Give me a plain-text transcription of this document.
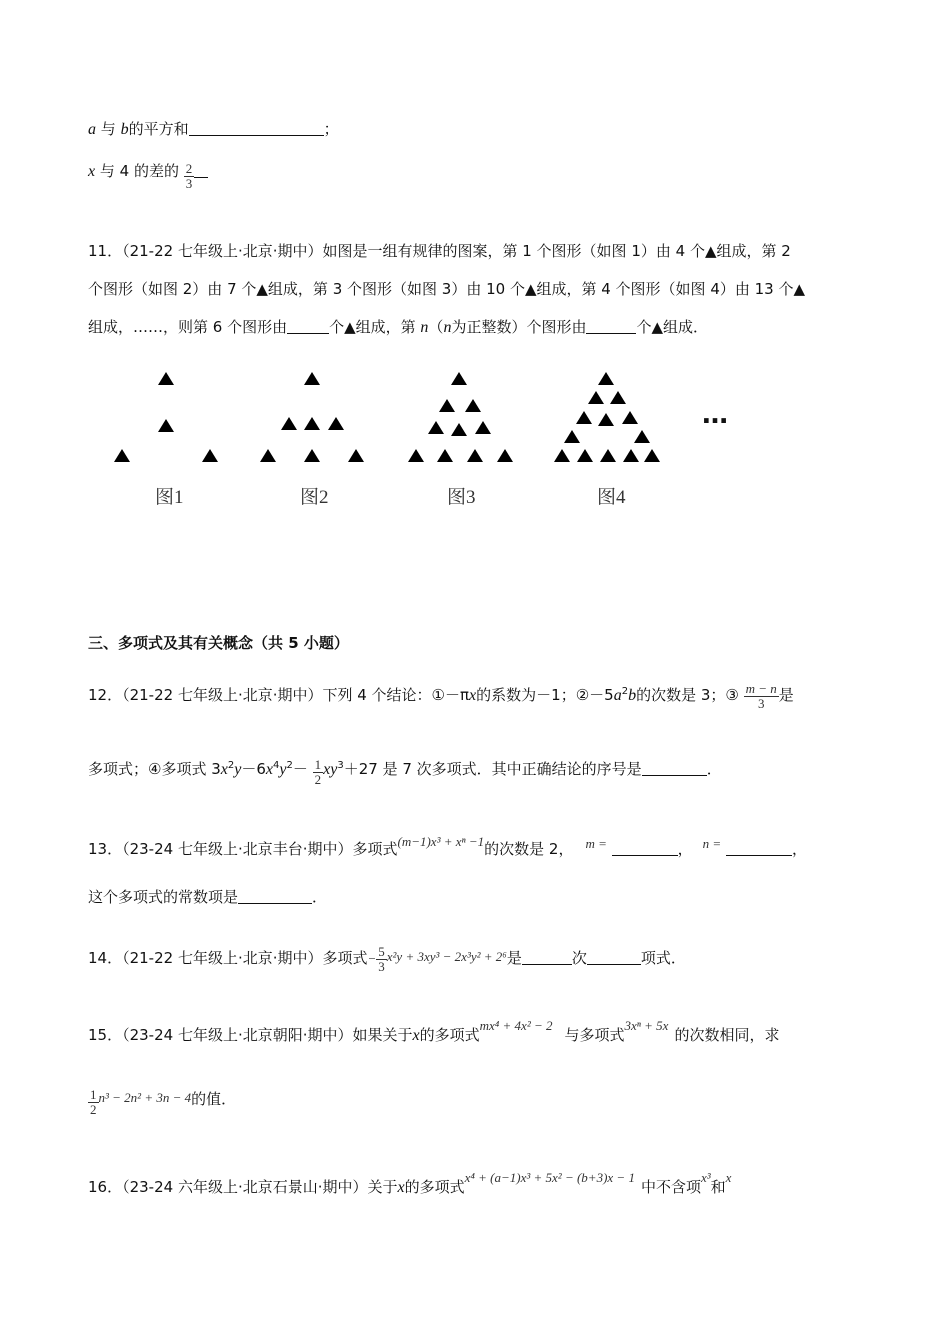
a 与 b的平方和	；
x 与 4 的差的 $\frac{2}{3}$
11．（21-22 七年级上·北京·期中）如图是一组有规律的图案，第 1 个图形（如图 1）由 4 个▲组成，第 2
个图形（如图 2）由 7 个▲组成，第 3 个图形（如图 3）由 10 个▲组成，第 4 个图形（如图 4）由 13 个▲
组成，……，则第 6 个图形由	个▲组成，第 n（n为正整数）个图形由	个▲组成．
图1	图2	图3	图4
…
三、多项式及其有关概念（共 5 小题）
12．（21-22 七年级上·北京·期中）下列 4 个结论：①－πx的系数为－1；$②-5a^2b$的次数是 3；③ $\frac{m - n}{3}$ 是
多项式；④多项式 $3x^2y-6x^4y^2- \frac{1}{2} xy^3+27$ 是 7 次多项式．其中正确结论的序号是	．
13．（23-24 七年级上·北京丰台·期中）多项式(m−1)x³ + xⁿ −1的次数是 2， m =	， n =	，
这个多项式的常数项是	．
14．（21-22 七年级上·北京·期中）多项式− $\frac{5}{3} x^2y + 3xy^3 - 2x^3y^2 + 2^6$是	次	项式．
15．（23-24 七年级上·北京朝阳·期中）如果关于x的多项式mx⁴ + 4x² − 2与多项式3xⁿ + 5x的次数相同，求
$\frac{1}{2} n^3 - 2n^2 + 3n - 4$的值．
16．（23-24 六年级上·北京石景山·期中）关于x的多项式x⁴ + (a−1)x³ + 5x² − (b+3)x − 1中不含项x³和x
